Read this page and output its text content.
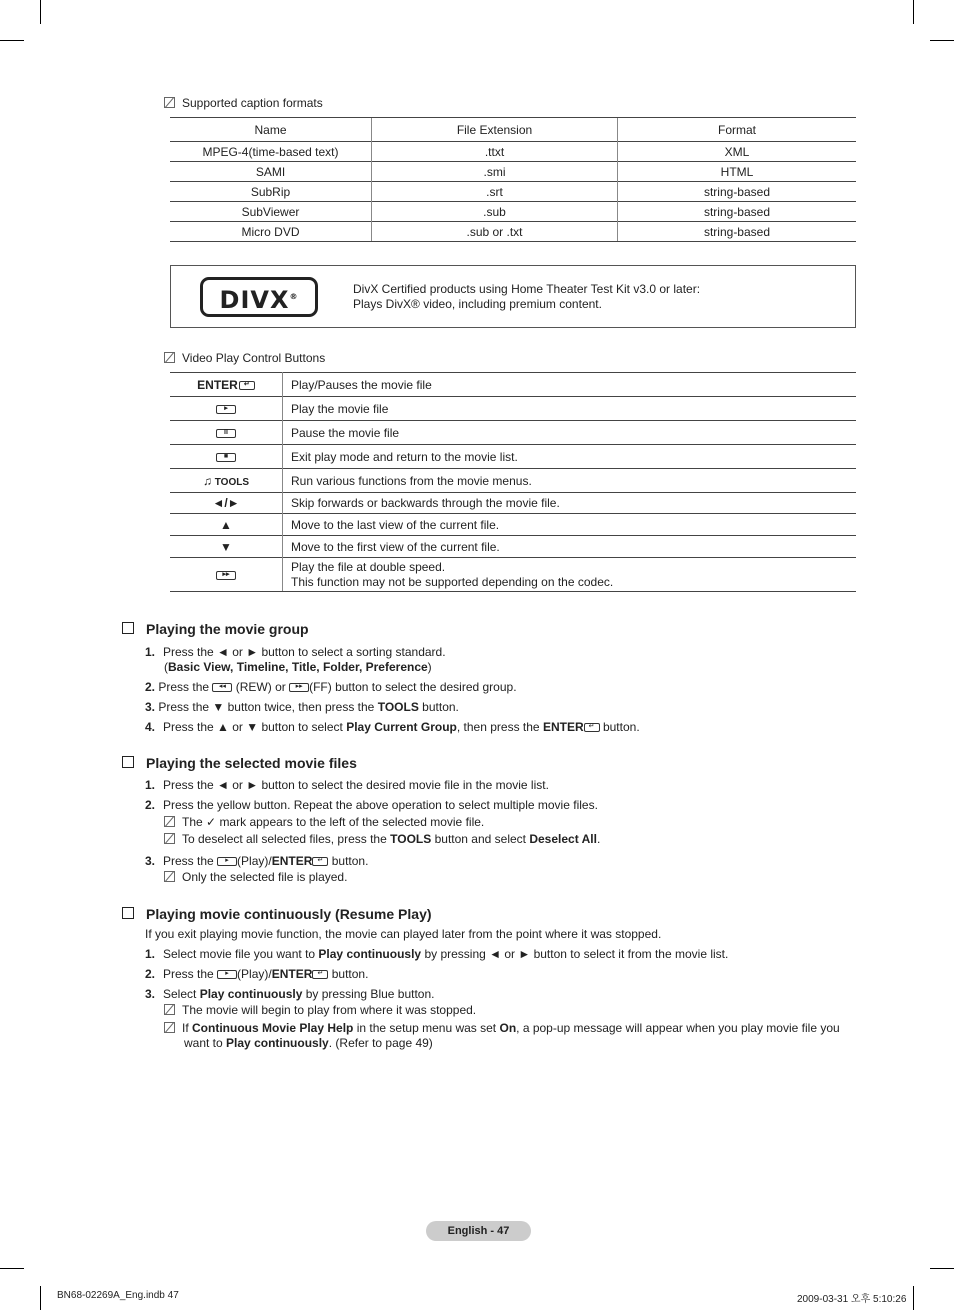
Supported caption formats
Name	File Extension	Format
MPEG-4(time-based text)	.ttxt	XML
SAMI	.smi	HTML
SubRip	.srt	string-based
SubViewer	.sub	string-based
Micro DVD	.sub or .txt	string-based
DIVX®
DivX Certified products using Home Theater Test Kit v3.0 or later:
Plays DivX® video, including premium content.
Video Play Control Buttons
ENTER ↵	Play/Pauses the movie file

▸	Play the movie file

II	Pause the movie file

■	Exit play mode and return to the movie list.
♫ TOOLS	Run various functions from the movie menus.
◄/►	Skip forwards or backwards through the movie file.
▲	Move to the last view of the current file.
▼	Move to the first view of the current file.

▸▸	Play the file at double speed.
This function may not be supported depending on the codec.
Playing the movie group
1. Press the ◄ or ► button to select a sorting standard.
(Basic View, Timeline, Title, Folder, Preference)
2. Press the	◂◂ (REW) or	▸▸ (FF) button to select the desired group.
3. Press the ▼ button twice, then press the TOOLS button.
4. Press the ▲ or ▼ button to select Play Current Group, then press the ENTER ↵ button.
Playing the selected movie files
1. Press the ◄ or ► button to select the desired movie file in the movie list.
2. Press the yellow button. Repeat the above operation to select multiple movie files.
The ✓ mark appears to the left of the selected movie file.
To deselect all selected files, press the TOOLS button and select Deselect All.
3. Press the	▸ (Play)/ENTER ↵ button.
Only the selected file is played.
Playing movie continuously (Resume Play)
If you exit playing movie function, the movie can played later from the point where it was stopped.
1. Select movie file you want to Play continuously by pressing ◄ or ► button to select it from the movie list.
2. Press the	▸ (Play)/ENTER ↵ button.
3. Select Play continuously by pressing Blue button.
The movie will begin to play from where it was stopped.
If Continuous Movie Play Help in the setup menu was set On, a pop-up message will appear when you play movie file you
want to Play continuously. (Refer to page 49)
English - 47
BN68-02269A_Eng.indb 47	2009-03-31 오후 5:10:26
